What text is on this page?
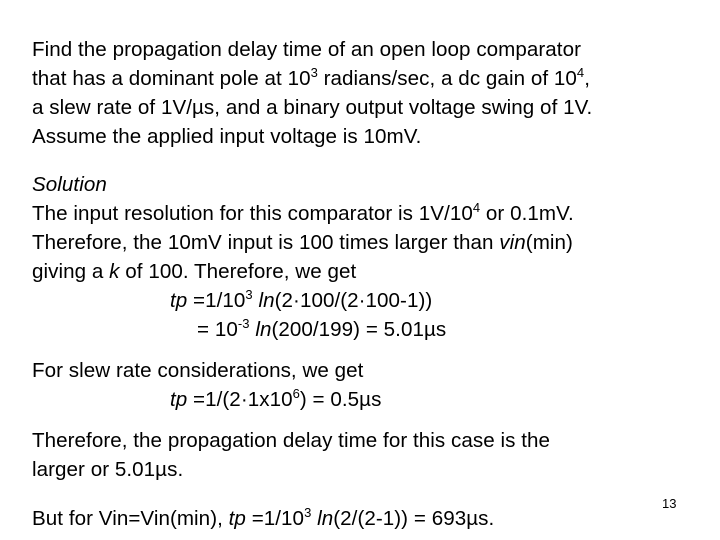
Find the propagation delay time of an open loop comparator
that has a dominant pole at $10^3$ radians/sec, a dc gain of $10^4$,
a slew rate of 1V/µs, and a binary output voltage swing of 1V.
Assume the applied input voltage is 10mV.
Solution
The input resolution for this comparator is $1V/10^4$ or 0.1mV.
Therefore, the 10mV input is 100 times larger than vin(min)
giving a k of 100. Therefore, we get
tp $=1/10^3$ ln(2·100/(2·100-1))
= $10^{-3}$ ln(200/199) = 5.01µs
For slew rate considerations, we get
tp $=1/(2\cdot 1x10^6) = 0.5\mu s$
Therefore, the propagation delay time for this case is the
larger or 5.01µs.
But for Vin=Vin(min), tp $=1/10^3$ ln(2/(2-1)) = 693µs.
13
